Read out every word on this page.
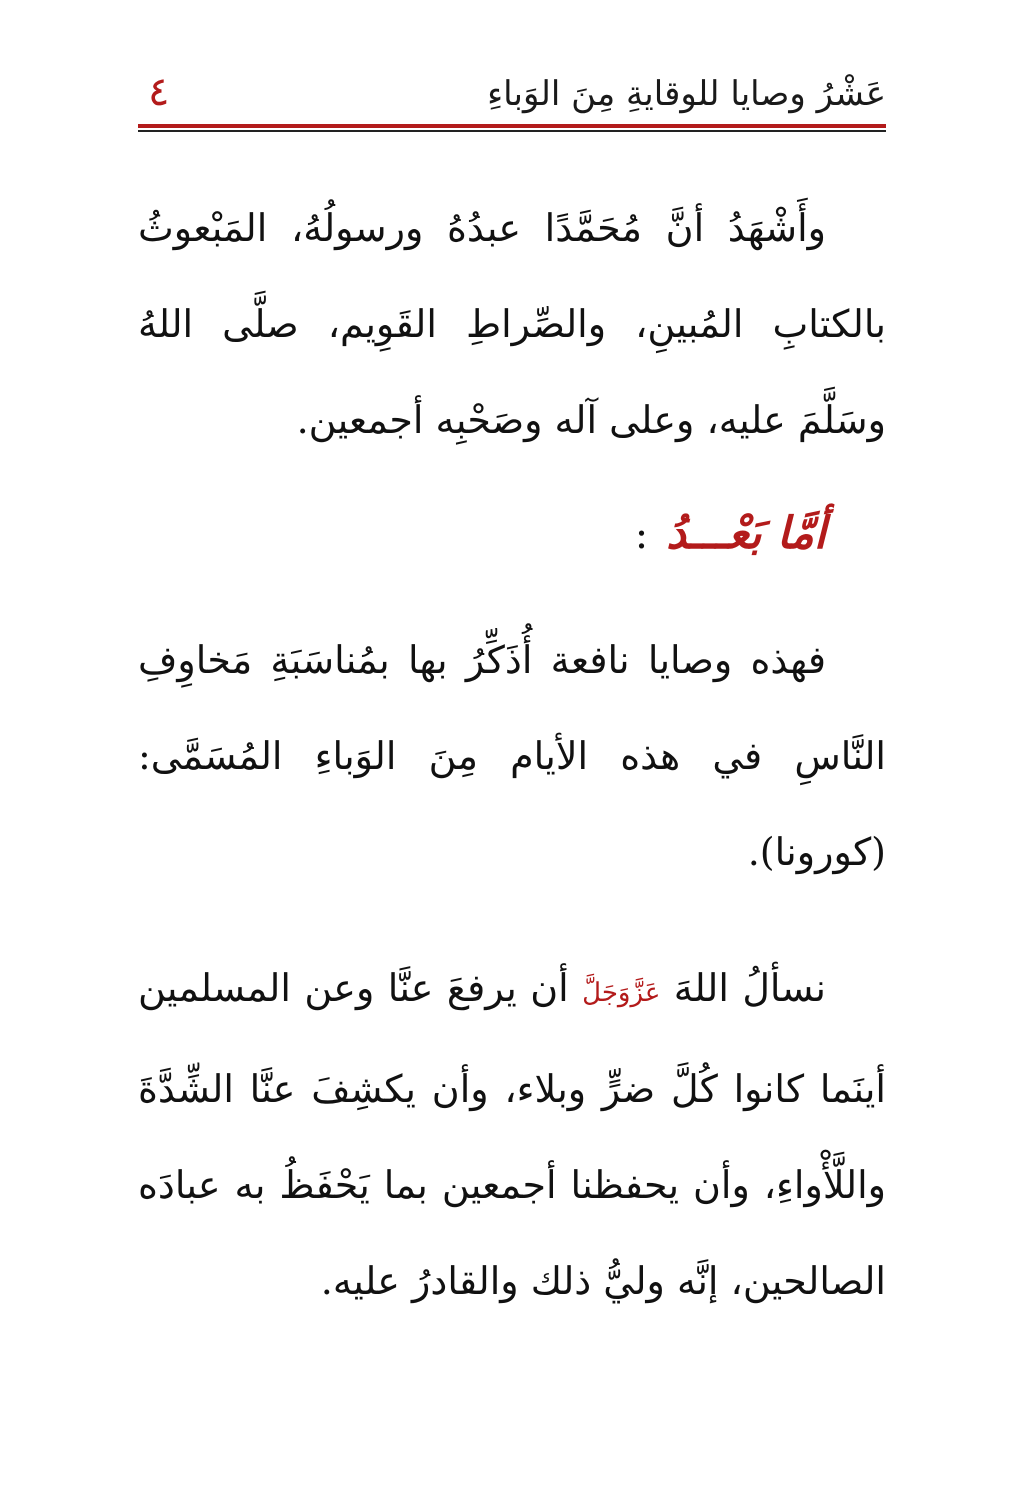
عَشْرُ وصايا للوقايةِ مِنَ الوَباءِ
٤

وأَشْهَدُ أنَّ مُحَمَّدًا عبدُهُ ورسولُهُ، المَبْعوثُ بالكتابِ المُبينِ، والصِّراطِ القَوِيم، صلَّى اللهُ وسَلَّمَ عليه، وعلى آله وصَحْبِه أجمعين.

أمَّا بَعْـــدُ:

فهذه وصايا نافعة أُذَكِّرُ بها بمُناسَبَةِ مَخاوِفِ النَّاسِ في هذه الأيام مِنَ الوَباءِ المُسَمَّى: (كورونا).

نسألُ اللهَ عَزَّوَجَلَّ أن يرفعَ عنَّا وعن المسلمين أينَما كانوا كُلَّ ضرٍّ وبلاء، وأن يكشِفَ عنَّا الشِّدَّةَ واللَّأْواءِ، وأن يحفظنا أجمعين بما يَحْفَظُ به عبادَه الصالحين، إنَّه وليُّ ذلك والقادرُ عليه.
